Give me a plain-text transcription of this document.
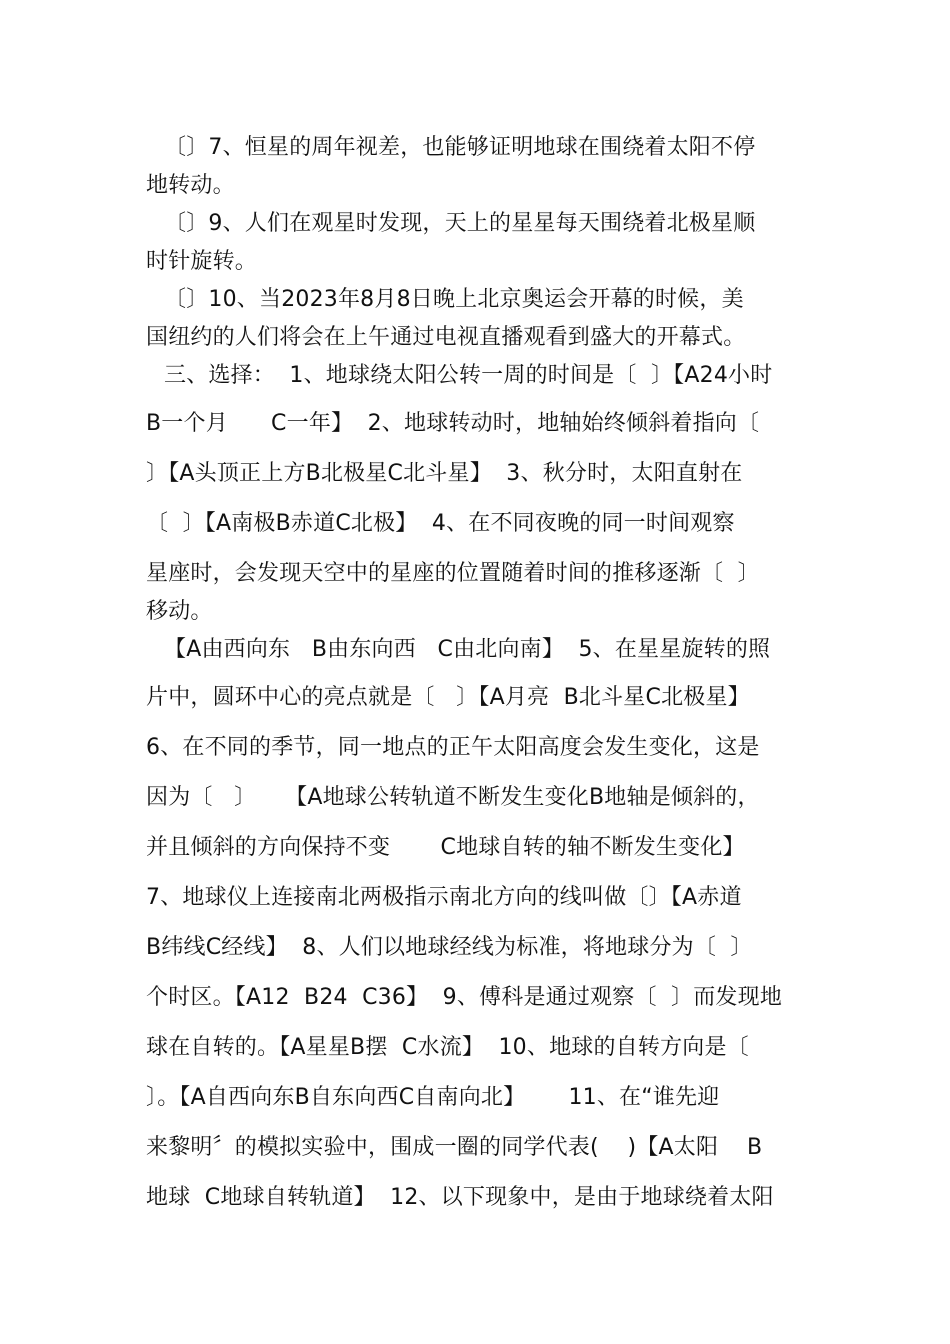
〔〕7、恒星的周年视差，也能够证明地球在围绕着太阳不停
地转动。
〔〕9、人们在观星时发现，天上的星星每天围绕着北极星顺
时针旋转。
〔〕10、当2023年8月8日晚上北京奥运会开幕的时候，美
国纽约的人们将会在上午通过电视直播观看到盛大的开幕式。
三、选择：  1、地球绕太阳公转一周的时间是〔  〕【A24小时
B一个月      C一年】  2、地球转动时，地轴始终倾斜着指向〔
〕【A头顶正上方B北极星C北斗星】  3、秋分时，太阳直射在
〔  〕【A南极B赤道C北极】  4、在不同夜晚的同一时间观察
星座时，会发现天空中的星座的位置随着时间的推移逐渐〔  〕
移动。
【A由西向东   B由东向西   C由北向南】  5、在星星旋转的照
片中，圆环中心的亮点就是〔   〕【A月亮  B北斗星C北极星】
6、在不同的季节，同一地点的正午太阳高度会发生变化，这是
因为〔   〕    【A地球公转轨道不断发生变化B地轴是倾斜的，
并且倾斜的方向保持不变       C地球自转的轴不断发生变化】
7、地球仪上连接南北两极指示南北方向的线叫做〔〕【A赤道
B纬线C经线】  8、人们以地球经线为标准，将地球分为〔  〕
个时区。【A12  B24  C36】  9、傅科是通过观察〔  〕而发现地
球在自转的。【A星星B摆  C水流】  10、地球的自转方向是〔
〕。【A自西向东B自东向西C自南向北】      11、在“谁先迎
来黎明〞的模拟实验中，围成一圈的同学代表(    )【A太阳    B
地球  C地球自转轨道】  12、以下现象中，是由于地球绕着太阳
